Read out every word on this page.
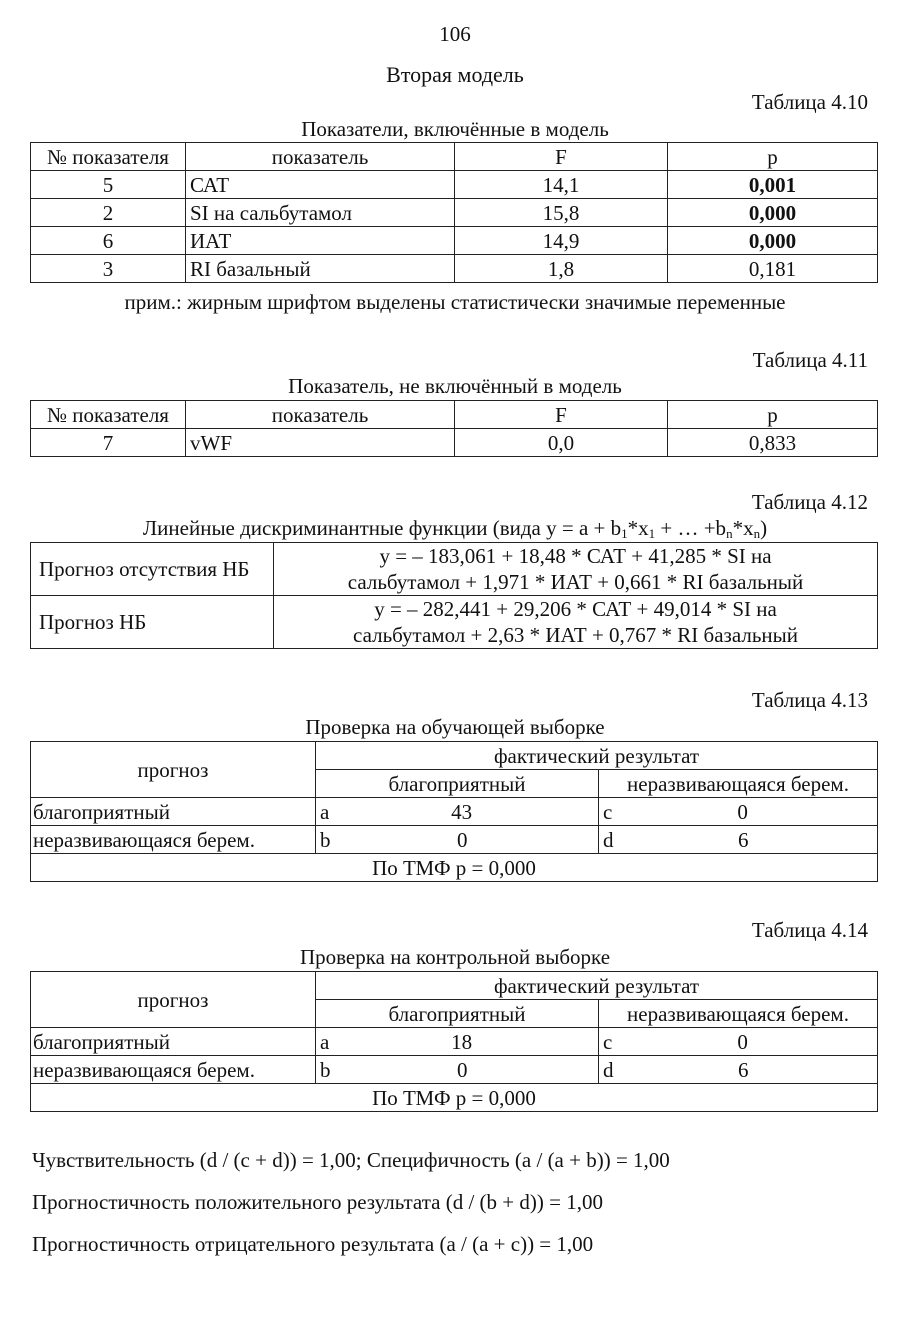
106
Вторая модель
Таблица 4.10
Показатели, включённые в модель
№ показателя	показатель	F	p
5	САТ	14,1	0,001
2	SI на сальбутамол	15,8	0,000
6	ИАТ	14,9	0,000
3	RI базальный	1,8	0,181
прим.: жирным шрифтом выделены статистически значимые переменные
Таблица 4.11
Показатель, не включённый в модель
№ показателя	показатель	F	p
7	vWF	0,0	0,833
Таблица 4.12
Линейные дискриминантные функции (вида $y = a + b_1*x_1$ + … $+b_n*x_n$)
Прогноз отсутствия НБ	y = – 183,061 + 18,48 * САТ + 41,285 * SI на
сальбутамол + 1,971 * ИАТ + 0,661 * RI базальный

Прогноз НБ	y = – 282,441 + 29,206 * САТ + 49,014 * SI на
сальбутамол + 2,63 * ИАТ + 0,767 * RI базальный
Таблица 4.13
Проверка на обучающей выборке
прогноз	фактический результат	
	благоприятный	неразвивающаяся берем.
благоприятный	a 43	c 0

неразвивающаяся берем.	b 0	d 6

По ТМФ p = 0,000		
Таблица 4.14
Проверка на контрольной выборке
прогноз	фактический результат	
	благоприятный	неразвивающаяся берем.
благоприятный	a 18	c 0

неразвивающаяся берем.	b 0	d 6

По ТМФ p = 0,000		
Чувствительность (d / (c + d)) = 1,00; Специфичность (a / (a + b)) = 1,00
Прогностичность положительного результата (d / (b + d)) = 1,00
Прогностичность отрицательного результата (a / (a + c)) = 1,00
